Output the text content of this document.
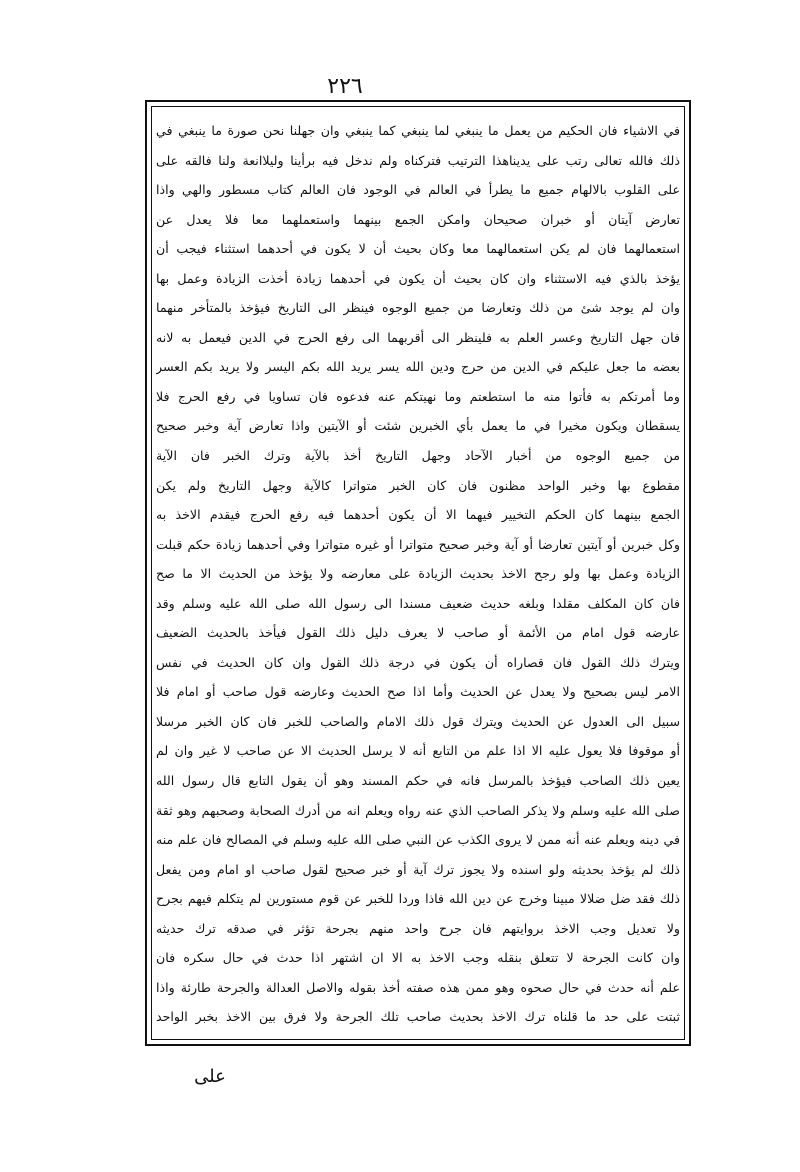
٢٢٦
في الاشياء فان الحكيم من يعمل ما ينبغي لما ينبغي كما ينبغي وان جهلنا نحن صورة ما ينبغي في
ذلك فالله تعالى رتب على يديناهذا الترتيب فتركناه ولم ندخل فيه برأينا وليلاانعة ولنا فالقه على
على القلوب بالالهام جميع ما يطرأ في العالم في الوجود فان العالم كتاب مسطور والهي واذا
تعارض آيتان أو خبران صحيحان وامكن الجمع بينهما واستعملهما معا فلا يعدل عن
استعمالهما فان لم يكن استعمالهما معا وكان بحيث أن لا يكون في أحدهما استثناء فيجب أن
يؤخذ بالذي فيه الاستثناء وان كان بحيث أن يكون في أحدهما زيادة أخذت الزيادة وعمل بها
وان لم يوجد شئ من ذلك وتعارضا من جميع الوجوه فينظر الى التاريخ فيؤخذ بالمتأخر منهما
فان جهل التاريخ وعسر العلم به فلينظر الى أقربهما الى رفع الحرج في الدين فيعمل به لانه
بعضه ما جعل عليكم في الدين من حرج ودين الله يسر يريد الله بكم اليسر ولا يريد بكم العسر
وما أمرتكم به فأتوا منه ما استطعتم وما نهيتكم عنه فدعوه فان تساويا في رفع الحرج فلا
يسقطان ويكون مخيرا في ما يعمل بأي الخبرين شئت أو الآيتين واذا تعارض آية وخبر صحيح
من جميع الوجوه من أخبار الآحاد وجهل التاريخ أخذ بالآية وترك الخبر فان الآية
مقطوع بها وخبر الواحد مظنون فان كان الخبر متواترا كالآية وجهل التاريخ ولم يكن
الجمع بينهما كان الحكم التخيير فيهما الا أن يكون أحدهما فيه رفع الحرج فيقدم الاخذ به
وكل خبرين أو آيتين تعارضا أو آية وخبر صحيح متواترا أو غيره متواترا وفي أحدهما زيادة حكم قبلت
الزيادة وعمل بها ولو رجح الاخذ بحديث الزيادة على معارضه ولا يؤخذ من الحديث الا ما صح
فان كان المكلف مقلدا وبلغه حديث ضعيف مسندا الى رسول الله صلى الله عليه وسلم وقد
عارضه قول امام من الأئمة أو صاحب لا يعرف دليل ذلك القول فيأخذ بالحديث الضعيف
ويترك ذلك القول فان قصاراه أن يكون في درجة ذلك القول وان كان الحديث في نفس
الامر ليس بصحيح ولا يعدل عن الحديث وأما اذا صح الحديث وعارضه قول صاحب أو امام فلا
سبيل الى العدول عن الحديث ويترك قول ذلك الامام والصاحب للخبر فان كان الخبر مرسلا
أو موقوفا فلا يعول عليه الا اذا علم من التابع أنه لا يرسل الحديث الا عن صاحب لا غير وان لم
يعين ذلك الصاحب فيؤخذ بالمرسل فانه في حكم المسند وهو أن يقول التابع قال رسول الله
صلى الله عليه وسلم ولا يذكر الصاحب الذي عنه رواه ويعلم انه من أدرك الصحابة وصحبهم وهو ثقة
في دينه ويعلم عنه أنه ممن لا يروى الكذب عن النبي صلى الله عليه وسلم في المصالح فان علم منه
ذلك لم يؤخذ بحديثه ولو اسنده ولا يجوز ترك آية أو خبر صحيح لقول صاحب او امام ومن يفعل
ذلك فقد ضل ضلالا مبينا وخرج عن دين الله فاذا وردا للخبر عن قوم مستورين لم يتكلم فيهم بجرح
ولا تعديل وجب الاخذ بروايتهم فان جرح واحد منهم بجرحة تؤثر في صدقه ترك حديثه
وان كانت الجرحة لا تتعلق بنقله وجب الاخذ به الا ان اشتهر اذا حدث في حال سكره فان
علم أنه حدث في حال صحوه وهو ممن هذه صفته أخذ بقوله والاصل العدالة والجرحة طارئة واذا
ثبتت على حد ما قلناه ترك الاخذ بحديث صاحب تلك الجرحة ولا فرق بين الاخذ بخبر الواحد
على
